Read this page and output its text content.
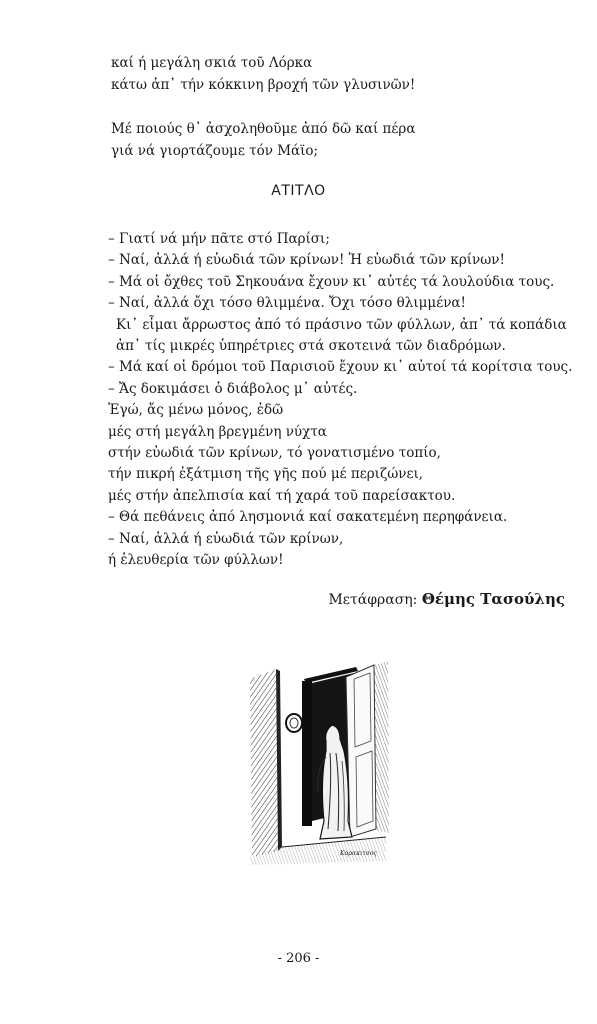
καί ή μεγάλη σκιά τοῦ Λόρκα
κάτω ἀπ᾿ τήν κόκκινη βροχή τῶν γλυσινῶν!
Μέ ποιούς θ᾿ ἀσχοληθοῦμε ἀπό δῶ καί πέρα
γιά νά γιορτάζουμε τόν Μάϊο;
ΑΤΙΤΛΟ
– Γιατί νά μήν πᾶτε στό Παρίσι;
– Ναί, ἀλλά ή εὐωδιά τῶν κρίνων! Ἡ εὐωδιά τῶν κρίνων!
– Μά οἱ ὄχθες τοῦ Σηκουάνα ἔχουν κι᾿ αὐτές τά λουλούδια τους.
– Ναί, ἀλλά ὄχι τόσο θλιμμένα. Ὄχι τόσο θλιμμένα!
Κι᾿ εἶμαι ἄρρωστος ἀπό τό πράσινο τῶν φύλλων, ἀπ᾿ τά κοπάδια
ἀπ᾿ τίς μικρές ὑπηρέτριες στά σκοτεινά τῶν διαδρόμων.
– Μά καί οἱ δρόμοι τοῦ Παρισιοῦ ἔχουν κι᾿ αὐτοί τά κορίτσια τους.
– Ἄς δοκιμάσει ὁ διάβολος μ᾿ αὐτές.
Ἐγώ, ἄς μένω μόνος, ἐδῶ
μές στή μεγάλη βρεγμένη νύχτα
στήν εὐωδιά τῶν κρίνων, τό γονατισμένο τοπίο,
τήν πικρή ἐξάτμιση τῆς γῆς πού μέ περιζώνει,
μές στήν ἀπελπισία καί τή χαρά τοῦ παρείσακτου.
– Θά πεθάνεις ἀπό λησμονιά καί σακατεμένη περηφάνεια.
– Ναί, ἀλλά ή εὐωδιά τῶν κρίνων,
ή ἐλευθερία τῶν φύλλων!
Μετάφραση: Θέμης Τασούλης
Καρακιτσος
- 206 -
